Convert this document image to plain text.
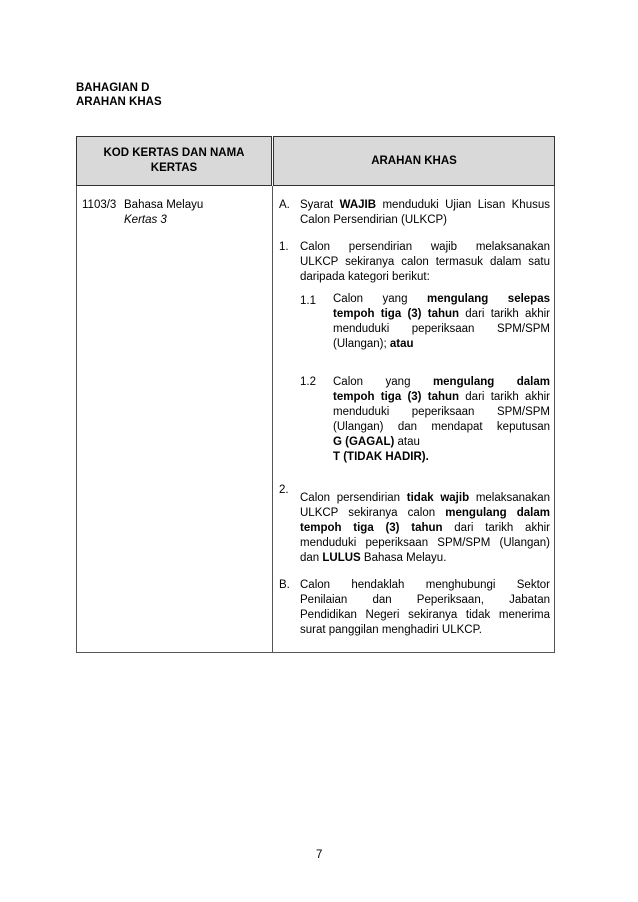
BAHAGIAN D
ARAHAN KHAS
KOD KERTAS DAN NAMA
KERTAS
ARAHAN KHAS
1103/3 Bahasa Melayu
Kertas 3
A. Syarat WAJIB menduduki Ujian Lisan Khusus
Calon Persendirian (ULKCP)
1. Calon persendirian wajib melaksanakan
ULKCP sekiranya calon termasuk dalam satu
daripada kategori berikut:
1.1 Calon yang mengulang selepas
tempoh tiga (3) tahun dari tarikh akhir
menduduki peperiksaan SPM/SPM
(Ulangan); atau
1.2 Calon yang mengulang dalam
tempoh tiga (3) tahun dari tarikh akhir
menduduki peperiksaan SPM/SPM
(Ulangan) dan mendapat keputusan
G (GAGAL) atau
T (TIDAK HADIR).
2.
Calon persendirian tidak wajib melaksanakan
ULKCP sekiranya calon mengulang dalam
tempoh tiga (3) tahun dari tarikh akhir
menduduki peperiksaan SPM/SPM (Ulangan)
dan LULUS Bahasa Melayu.
B. Calon hendaklah menghubungi Sektor
Penilaian dan Peperiksaan, Jabatan
Pendidikan Negeri sekiranya tidak menerima
surat panggilan menghadiri ULKCP.
7
